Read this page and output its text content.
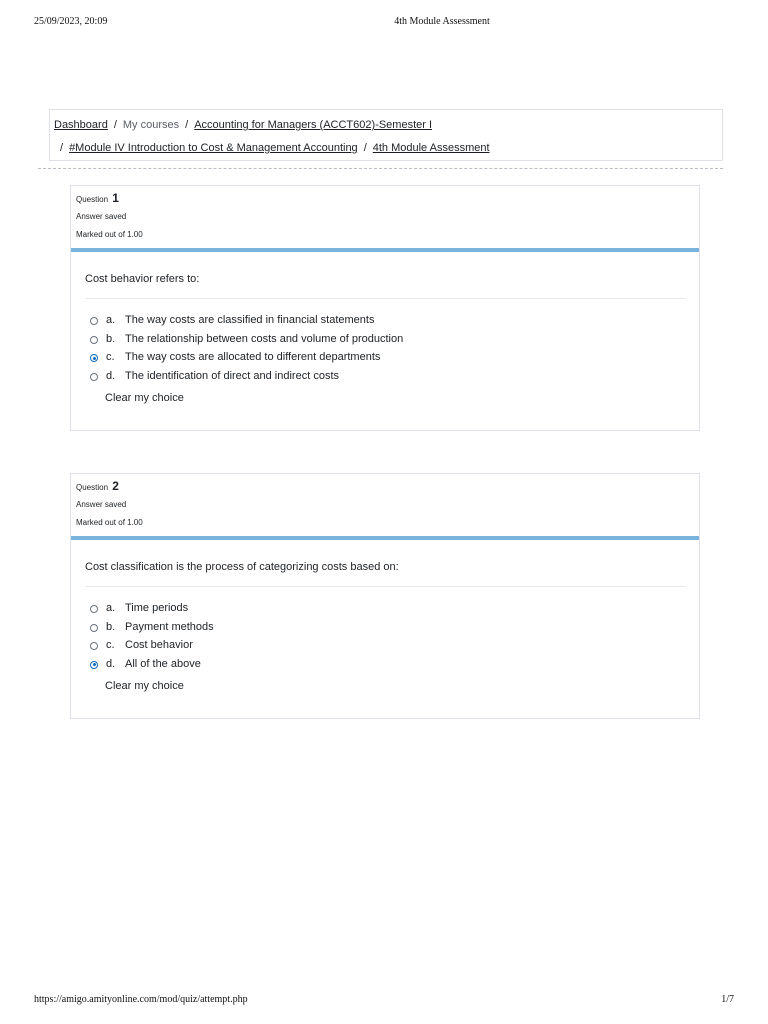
25/09/2023, 20:09	4th Module Assessment
Dashboard / My courses / Accounting for Managers (ACCT602)-Semester I
/ #Module IV Introduction to Cost & Management Accounting / 4th Module Assessment
Question 1
Answer saved
Marked out of 1.00
Cost behavior refers to:
a. The way costs are classified in financial statements
b. The relationship between costs and volume of production
c. The way costs are allocated to different departments
d. The identification of direct and indirect costs
Clear my choice
Question 2
Answer saved
Marked out of 1.00
Cost classification is the process of categorizing costs based on:
a. Time periods
b. Payment methods
c. Cost behavior
d. All of the above
Clear my choice
https://amigo.amityonline.com/mod/quiz/attempt.php	1/7
